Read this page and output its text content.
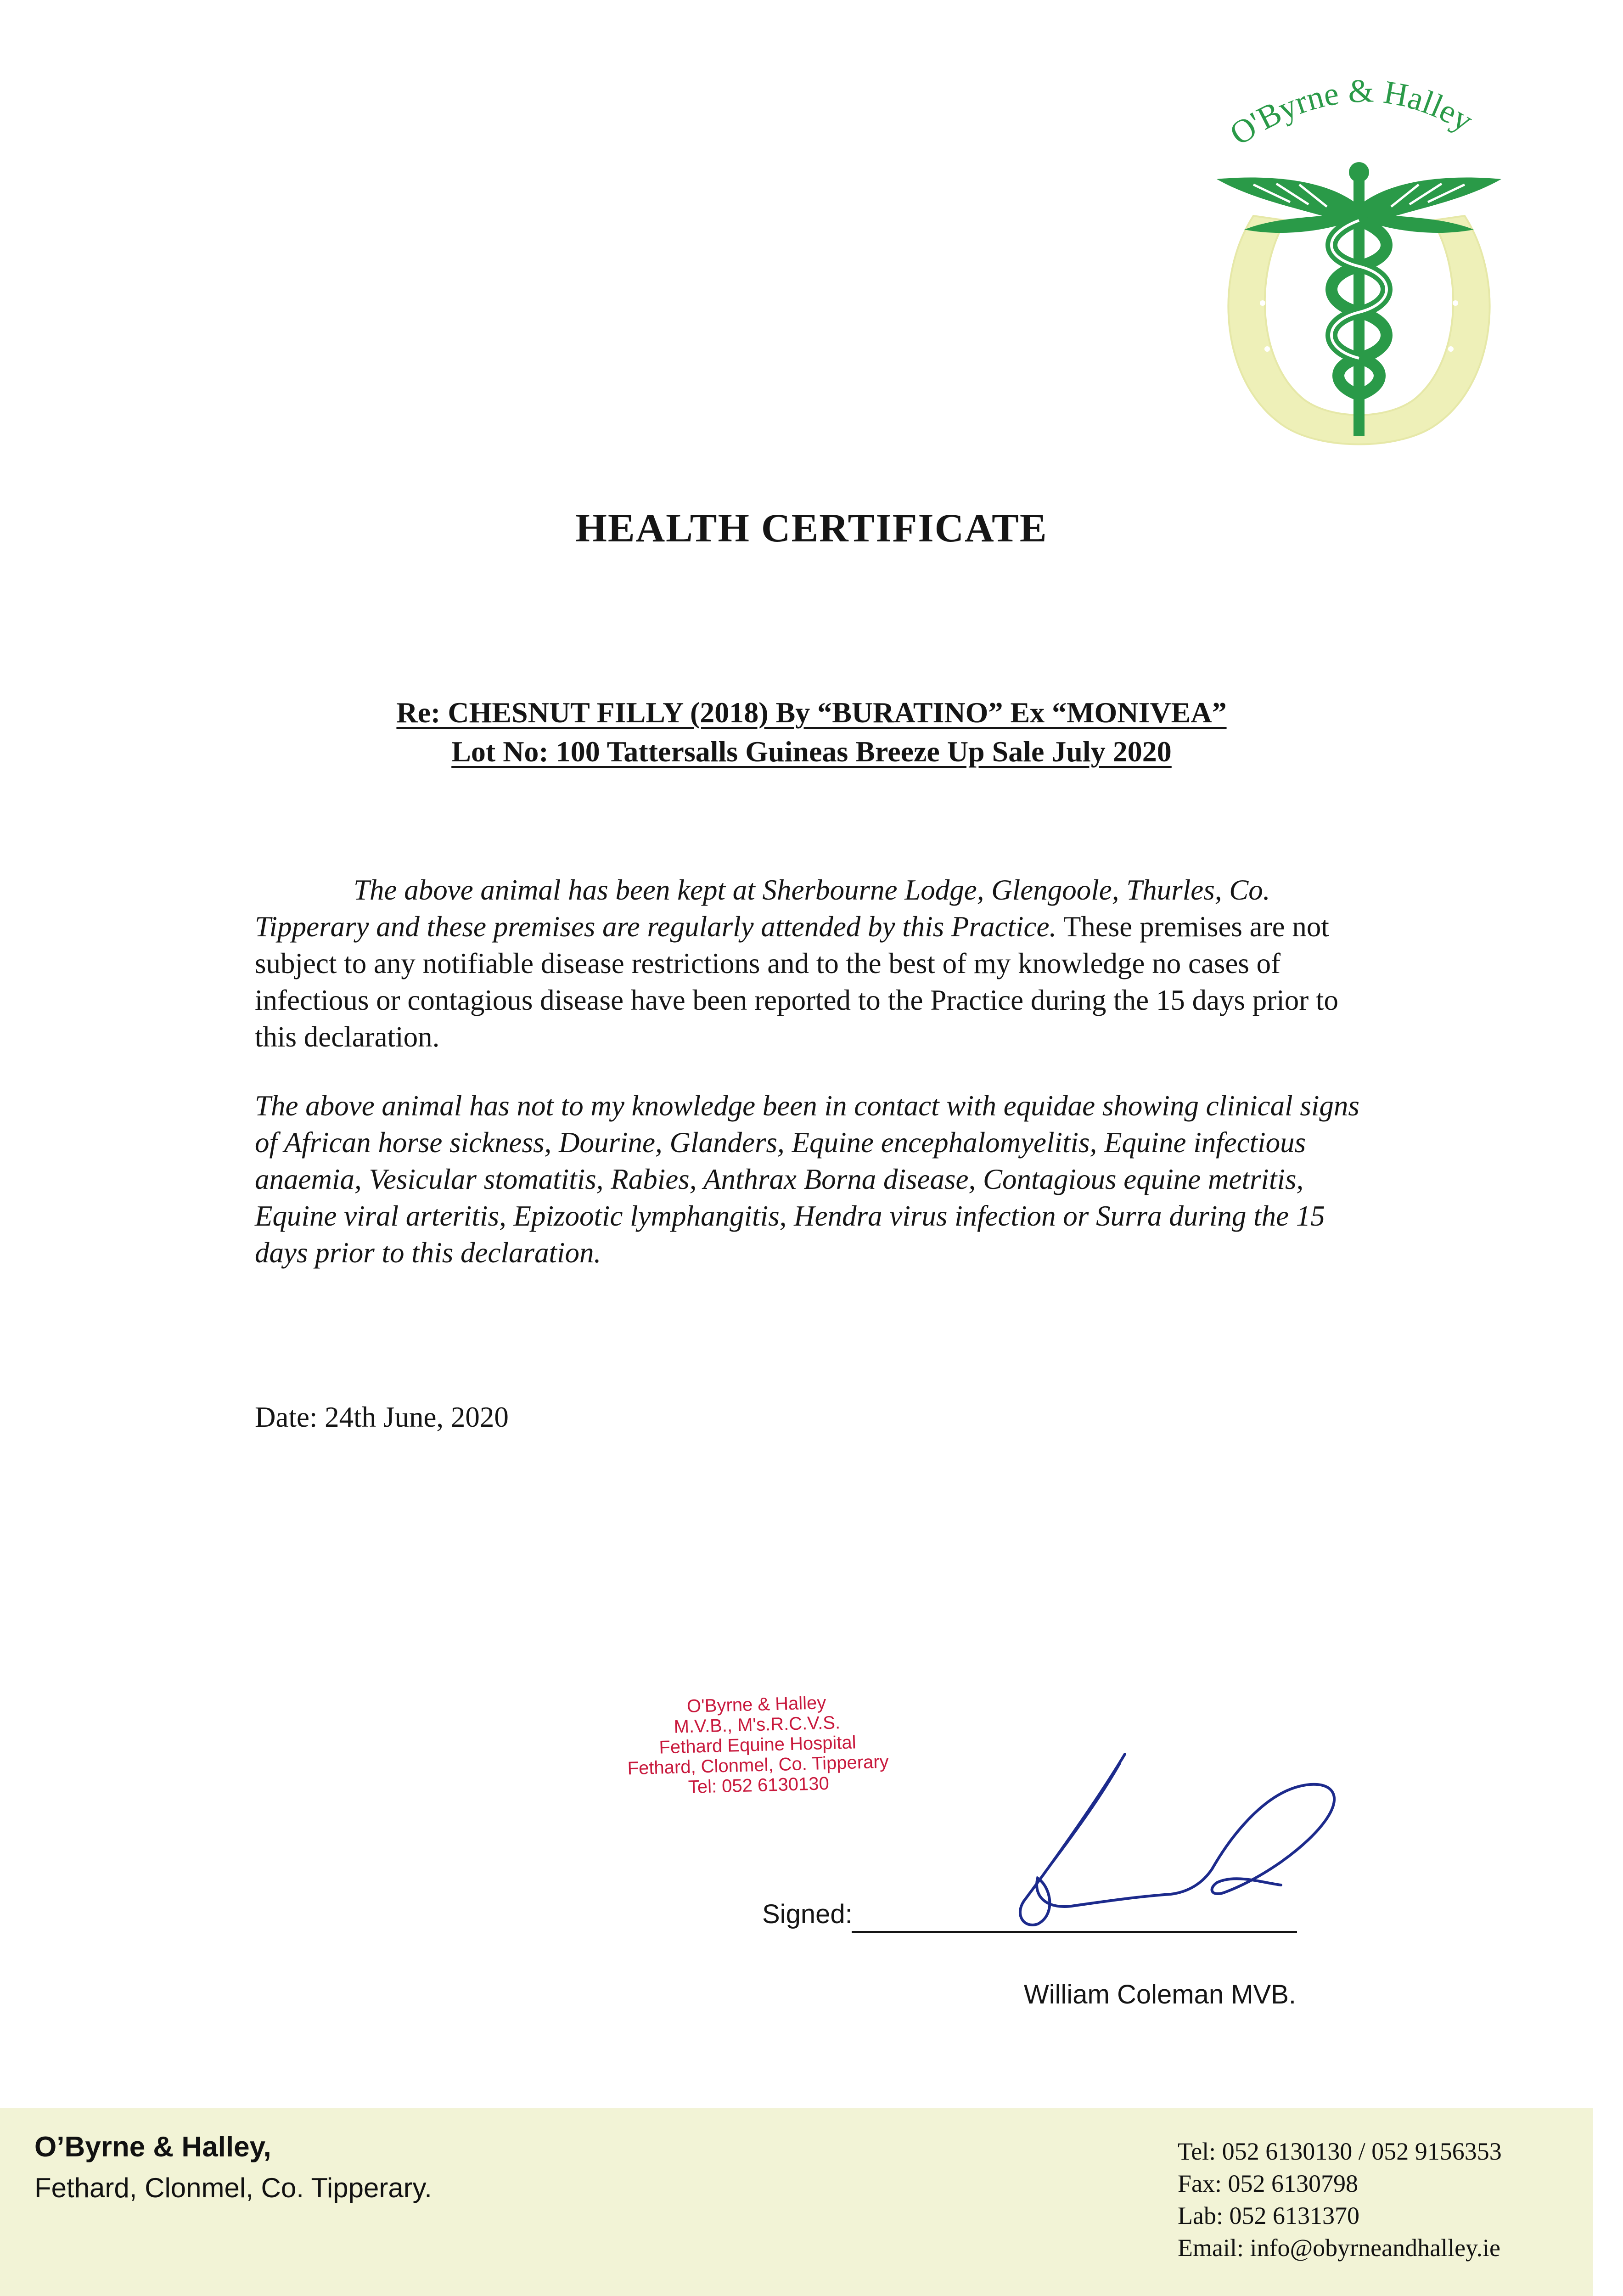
O'Byrne & Halley
HEALTH CERTIFICATE
Re: CHESNUT FILLY (2018) By “BURATINO” Ex “MONIVEA”
Lot No: 100 Tattersalls Guineas Breeze Up Sale July 2020
The above animal has been kept at Sherbourne Lodge, Glengoole, Thurles, Co. Tipperary and these premises are regularly attended by this Practice. These premises are not subject to any notifiable disease restrictions and to the best of my knowledge no cases of infectious or contagious disease have been reported to the Practice during the 15 days prior to this declaration.
The above animal has not to my knowledge been in contact with equidae showing clinical signs of African horse sickness, Dourine, Glanders, Equine encephalomyelitis, Equine infectious anaemia, Vesicular stomatitis, Rabies, Anthrax Borna disease, Contagious equine metritis, Equine viral arteritis, Epizootic lymphangitis, Hendra virus infection or Surra during the 15 days prior to this declaration.
Date: 24th June, 2020
O'Byrne & Halley
M.V.B., M's.R.C.V.S.
Fethard Equine Hospital
Fethard, Clonmel, Co. Tipperary
Tel: 052 6130130
Signed:
William Coleman MVB.
O’Byrne & Halley,
Fethard, Clonmel, Co. Tipperary.
Tel: 052 6130130 / 052 9156353
Fax: 052 6130798
Lab: 052 6131370
Email: info@obyrneandhalley.ie
